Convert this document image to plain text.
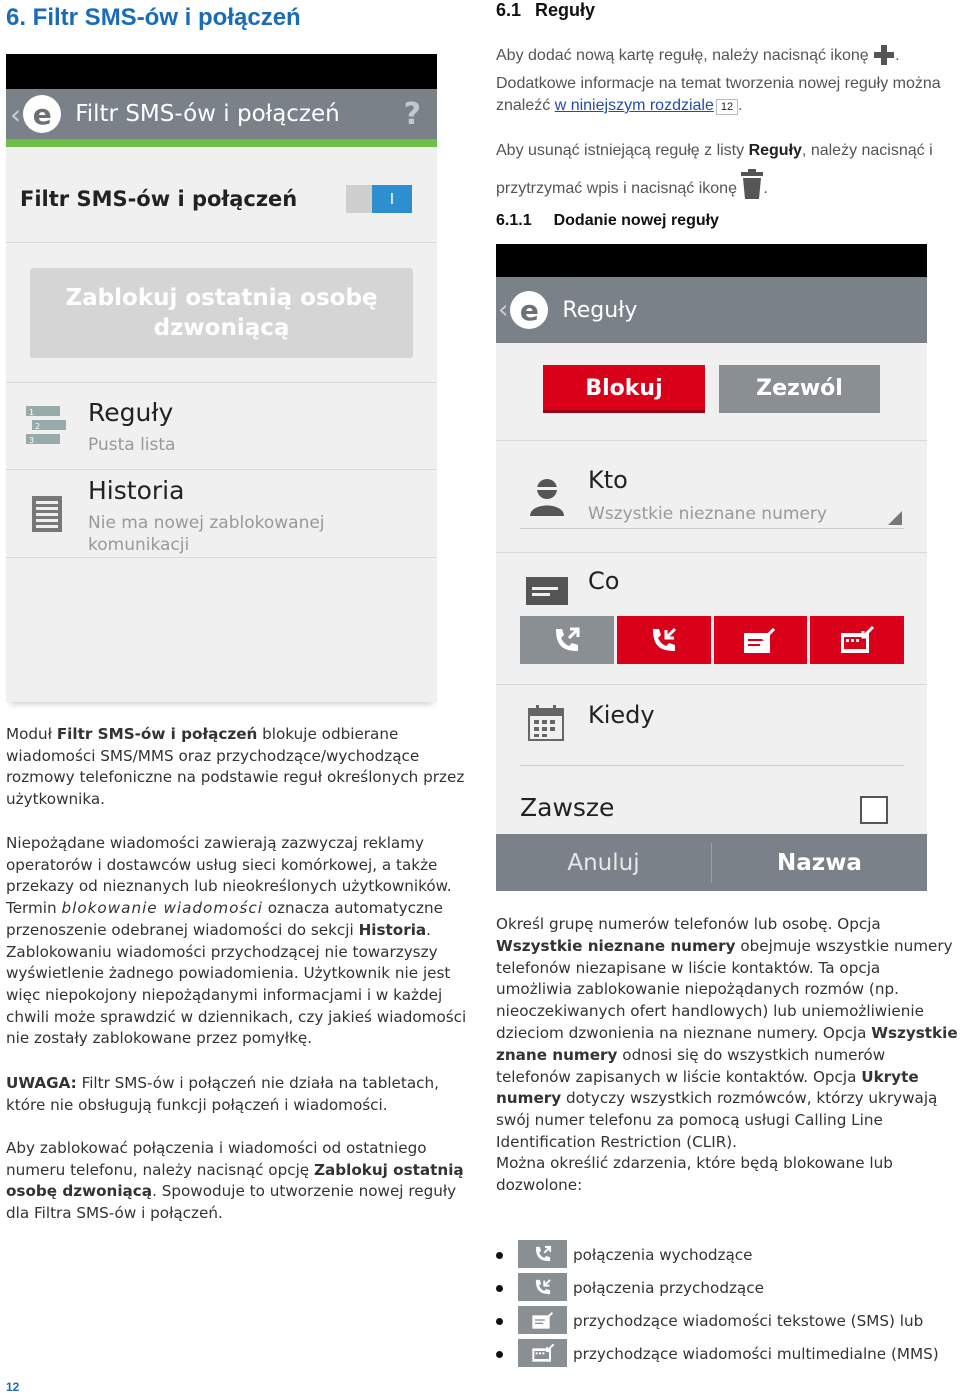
6. Filtr SMS-ów i połączeń	6.1 Reguły
Aby dodać nową kartę regułę, należy nacisnąć ikonę . Dodatkowe informacje na temat tworzenia nowej reguły można znaleźć w niniejszym rozdziale 12 .
Aby usunąć istniejącą regułę z listy Reguły, należy nacisnąć i
przytrzymać wpis i nacisnąć ikonę .
6.1.1 Dodanie nowej reguły
‹ e	Filtr SMS-ów i połączeń	?
Filtr SMS-ów i połączeń	I
Zablokuj ostatnią osobę dzwoniącą
1
2
3
Reguły
Pusta lista
Historia
Nie ma nowej zablokowanej komunikacji
‹ e	Reguły
Blokuj	Zezwól
Kto
Wszystkie nieznane numery
Co
Kiedy
Zawsze
Anuluj	Nazwa
Moduł Filtr SMS-ów i połączeń blokuje odbierane wiadomości SMS/MMS oraz przychodzące/wychodzące rozmowy telefoniczne na podstawie reguł określonych przez użytkownika.
Niepożądane wiadomości zawierają zazwyczaj reklamy operatorów i dostawców usług sieci komórkowej, a także przekazy od nieznanych lub nieokreślonych użytkowników. Termin blokowanie wiadomości oznacza automatyczne przenoszenie odebranej wiadomości do sekcji Historia. Zablokowaniu wiadomości przychodzącej nie towarzyszy wyświetlenie żadnego powiadomienia. Użytkownik nie jest więc niepokojony niepożądanymi informacjami i w każdej chwili może sprawdzić w dziennikach, czy jakieś wiadomości nie zostały zablokowane przez pomyłkę.
UWAGA: Filtr SMS-ów i połączeń nie działa na tabletach, które nie obsługują funkcji połączeń i wiadomości.
Aby zablokować połączenia i wiadomości od ostatniego numeru telefonu, należy nacisnąć opcję Zablokuj ostatnią osobę dzwoniącą. Spowoduje to utworzenie nowej reguły dla Filtra SMS-ów i połączeń.
Określ grupę numerów telefonów lub osobę. Opcja Wszystkie nieznane numery obejmuje wszystkie numery telefonów niezapisane w liście kontaktów. Ta opcja umożliwia zablokowanie niepożądanych rozmów (np. nieoczekiwanych ofert handlowych) lub uniemożliwienie dzieciom dzwonienia na nieznane numery. Opcja Wszystkie znane numery odnosi się do wszystkich numerów telefonów zapisanych w liście kontaktów. Opcja Ukryte numery dotyczy wszystkich rozmówców, którzy ukrywają swój numer telefonu za pomocą usługi Calling Line Identification Restriction (CLIR).
Można określić zdarzenia, które będą blokowane lub dozwolone:
połączenia wychodzące
połączenia przychodzące
przychodzące wiadomości tekstowe (SMS) lub
przychodzące wiadomości multimedialne (MMS)
12
